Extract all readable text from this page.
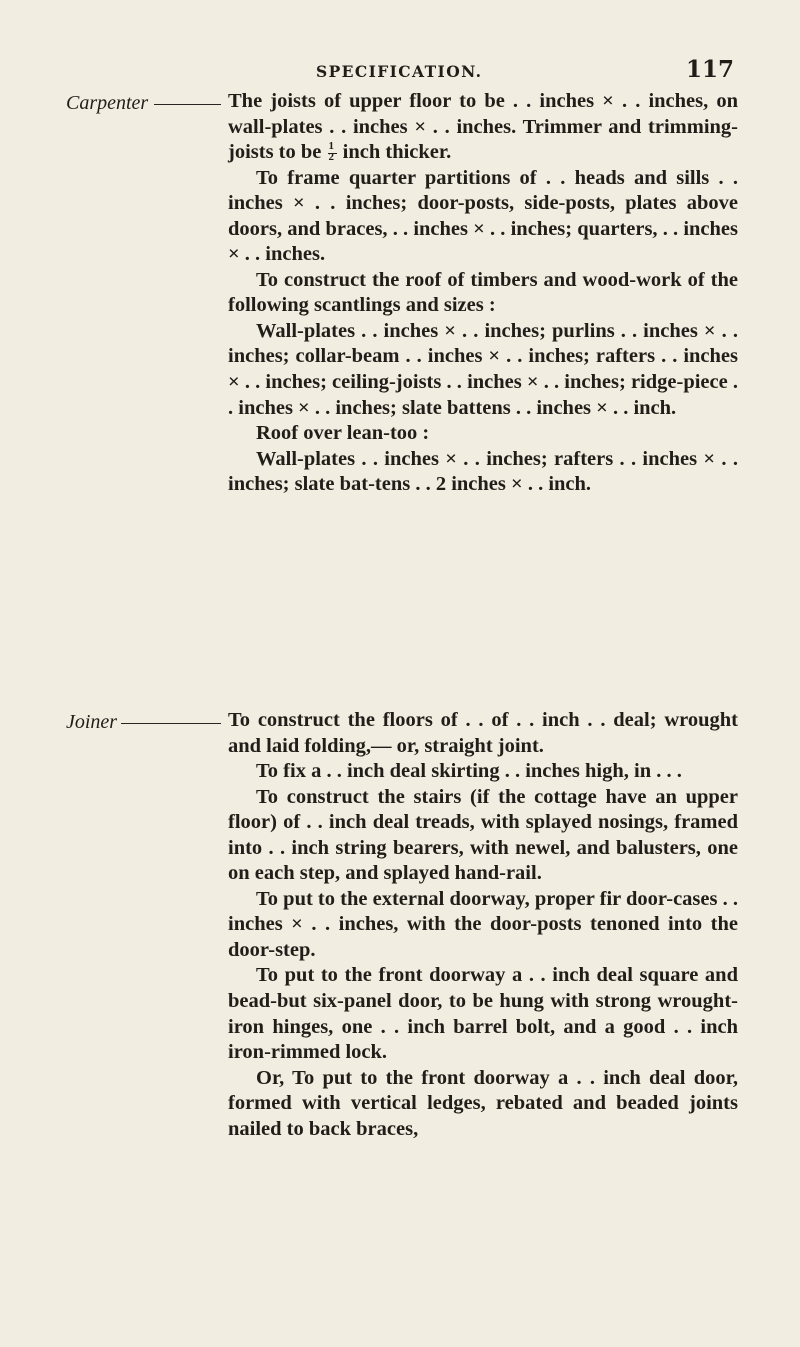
SPECIFICATION.	117
Carpenter	The joists of upper floor to be . . inches × . . inches, on wall-plates . . inches × . . inches. Trimmer and trimming-joists to be $\frac{1}{2}$ inch thicker.

To frame quarter partitions of . . heads and sills . . inches × . . inches; door-posts, side-posts, plates above doors, and braces, . . inches × . . inches; quarters, . . inches × . . inches.

To construct the roof of timbers and wood-work of the following scantlings and sizes :

Wall-plates . . inches × . . inches; purlins . . inches × . . inches; collar-beam . . inches × . . inches; rafters . . inches × . . inches; ceiling-joists . . inches × . . inches; ridge-piece . . inches × . . inches; slate battens . . inches × . . inch.

Roof over lean-too :

Wall-plates . . inches × . . inches; rafters . . inches × . . inches; slate bat-tens . . 2 inches × . . inch.

Joiner	To construct the floors of . . of . . inch . . deal; wrought and laid folding,— or, straight joint.

To fix a . . inch deal skirting . . inches high, in . . .

To construct the stairs (if the cottage have an upper floor) of . . inch deal treads, with splayed nosings, framed into . . inch string bearers, with newel, and balusters, one on each step, and splayed hand-rail.

To put to the external doorway, proper fir door-cases . . inches × . . inches, with the door-posts tenoned into the door-step.

To put to the front doorway a . . inch deal square and bead-but six-panel door, to be hung with strong wrought-iron hinges, one . . inch barrel bolt, and a good . . inch iron-rimmed lock.

Or, To put to the front doorway a . . inch deal door, formed with vertical ledges, rebated and beaded joints nailed to back braces,
